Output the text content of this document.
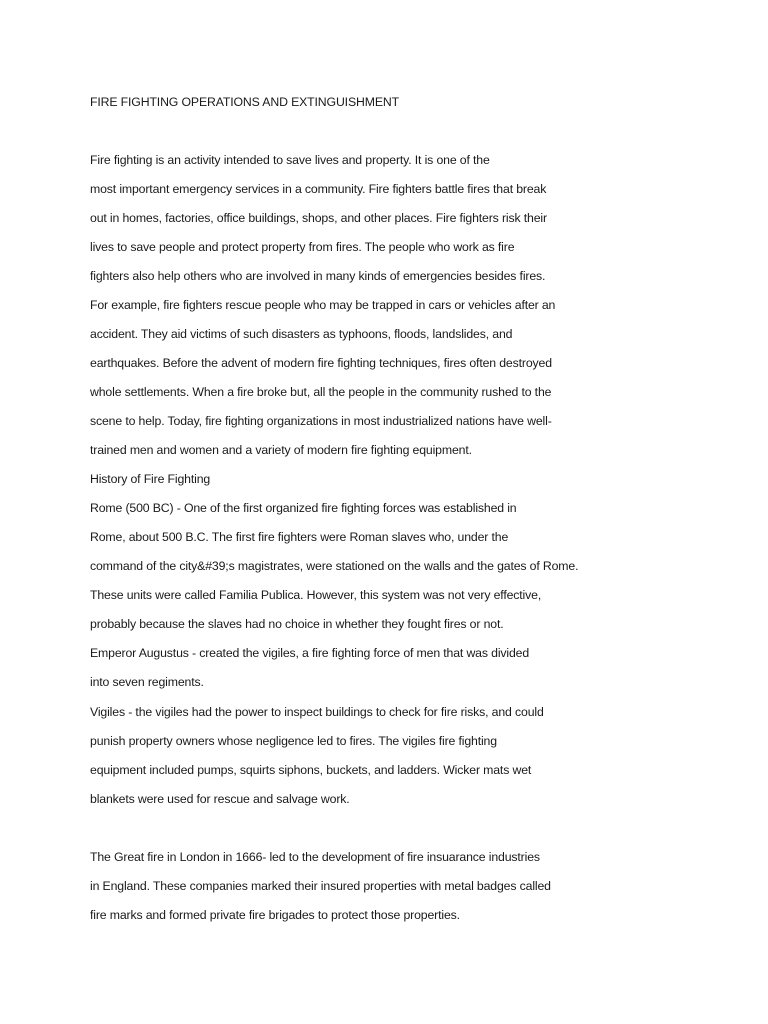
FIRE FIGHTING OPERATIONS AND EXTINGUISHMENT

Fire fighting is an activity intended to save lives and property. It is one of the

most important emergency services in a community. Fire fighters battle fires that break

out in homes, factories, office buildings, shops, and other places. Fire fighters risk their

lives to save people and protect property from fires. The people who work as fire

fighters also help others who are involved in many kinds of emergencies besides fires.

For example, fire fighters rescue people who may be trapped in cars or vehicles after an

accident. They aid victims of such disasters as typhoons, floods, landslides, and

earthquakes. Before the advent of modern fire fighting techniques, fires often destroyed

whole settlements. When a fire broke but, all the people in the community rushed to the

scene to help. Today, fire fighting organizations in most industrialized nations have well-

trained men and women and a variety of modern fire fighting equipment.

History of Fire Fighting

Rome (500 BC) - One of the first organized fire fighting forces was established in

Rome, about 500 B.C. The first fire fighters were Roman slaves who, under the

command of the city&#39;s magistrates, were stationed on the walls and the gates of Rome.

These units were called Familia Publica. However, this system was not very effective,

probably because the slaves had no choice in whether they fought fires or not.

Emperor Augustus - created the vigiles, a fire fighting force of men that was divided

into seven regiments.

Vigiles - the vigiles had the power to inspect buildings to check for fire risks, and could

punish property owners whose negligence led to fires. The vigiles fire fighting

equipment included pumps, squirts siphons, buckets, and ladders. Wicker mats wet

blankets were used for rescue and salvage work.

The Great fire in London in 1666- led to the development of fire insuarance industries

in England. These companies marked their insured properties with metal badges called

fire marks and formed private fire brigades to protect those properties.
